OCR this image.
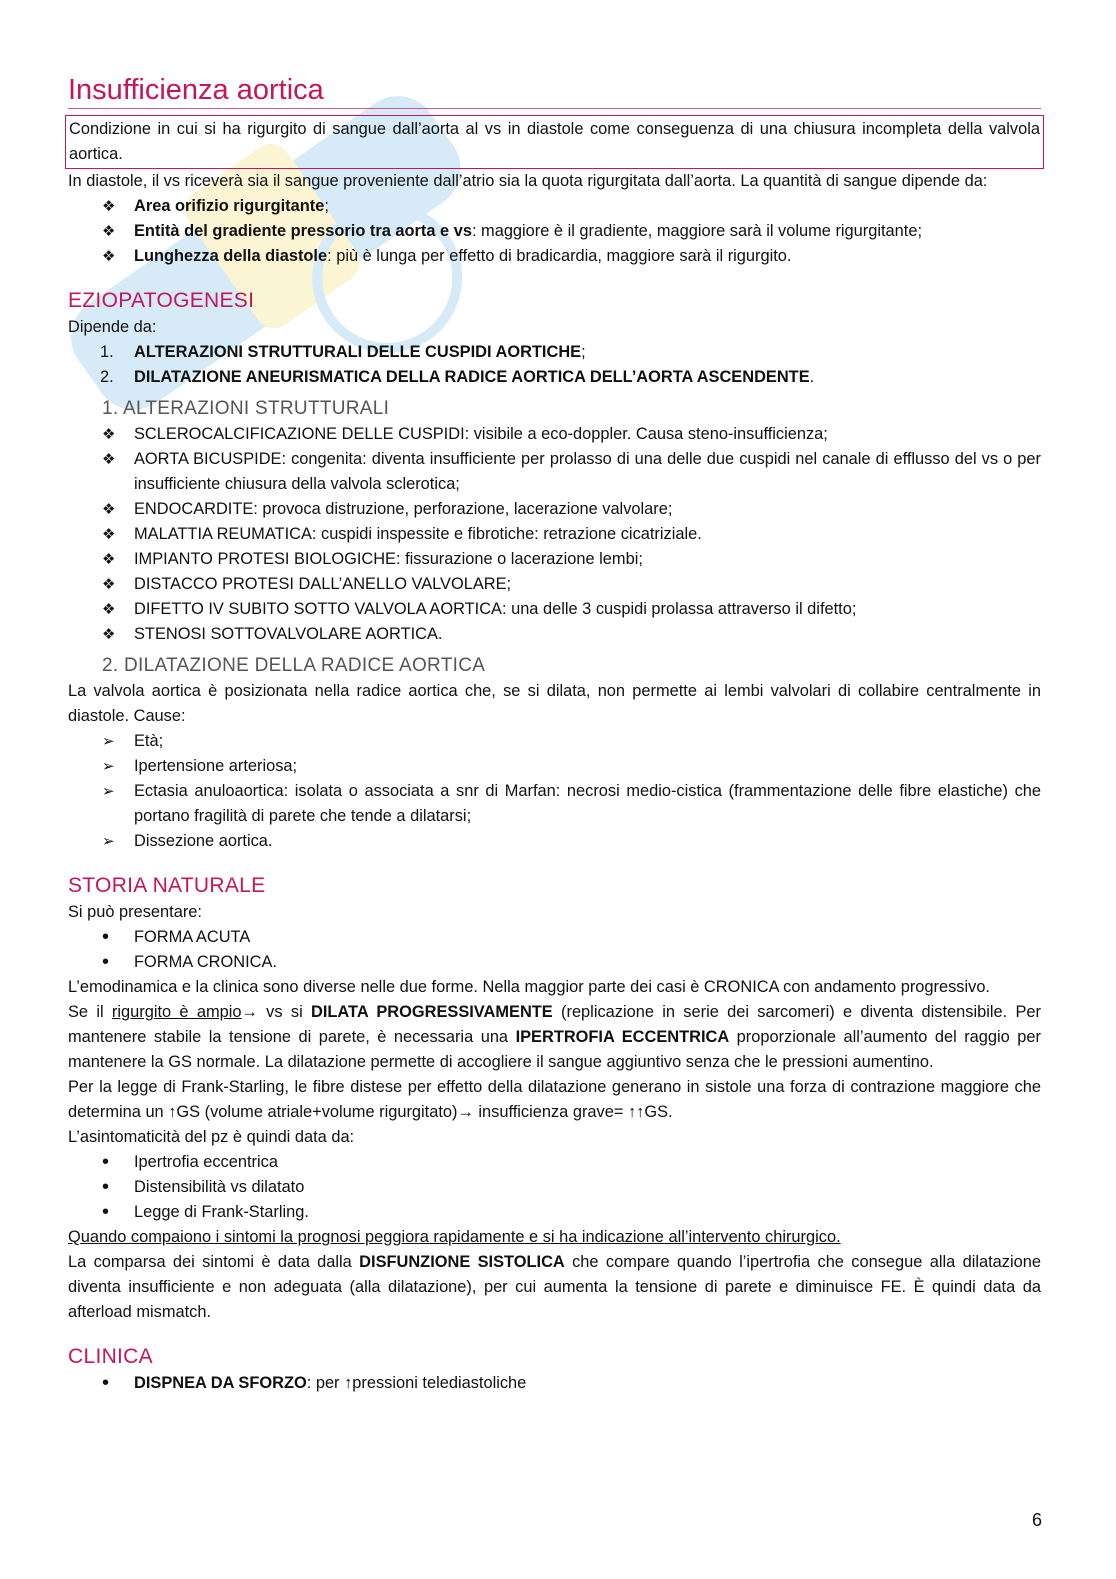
Insufficienza aortica

Condizione in cui si ha rigurgito di sangue dall’aorta al vs in diastole come conseguenza di una chiusura incompleta della valvola aortica.

In diastole, il vs riceverà sia il sangue proveniente dall’atrio sia la quota rigurgitata dall’aorta. La quantità di sangue dipende da:

❖
Area orifizio rigurgitante;
❖
Entità del gradiente pressorio tra aorta e vs: maggiore è il gradiente, maggiore sarà il volume rigurgitante;
❖
Lunghezza della diastole: più è lunga per effetto di bradicardia, maggiore sarà il rigurgito.
EZIOPATOGENESI

Dipende da:

1.	ALTERAZIONI STRUTTURALI DELLE CUSPIDI AORTICHE;
2.	DILATAZIONE ANEURISMATICA DELLA RADICE AORTICA DELL’AORTA ASCENDENTE.
1. ALTERAZIONI STRUTTURALI
❖
SCLEROCALCIFICAZIONE DELLE CUSPIDI: visibile a eco-doppler. Causa steno-insufficienza;
❖
AORTA BICUSPIDE: congenita: diventa insufficiente per prolasso di una delle due cuspidi nel canale di efflusso del vs o per insufficiente chiusura della valvola sclerotica;
❖
ENDOCARDITE: provoca distruzione, perforazione, lacerazione valvolare;
❖
MALATTIA REUMATICA: cuspidi inspessite e fibrotiche: retrazione cicatriziale.
❖
IMPIANTO PROTESI BIOLOGICHE: fissurazione o lacerazione lembi;
❖
DISTACCO PROTESI DALL’ANELLO VALVOLARE;
❖
DIFETTO IV SUBITO SOTTO VALVOLA AORTICA: una delle 3 cuspidi prolassa attraverso il difetto;
❖
STENOSI SOTTOVALVOLARE AORTICA.
2. DILATAZIONE DELLA RADICE AORTICA

La valvola aortica è posizionata nella radice aortica che, se si dilata, non permette ai lembi valvolari di collabire centralmente in diastole. Cause:

➢
Età;
➢
Ipertensione arteriosa;
➢
Ectasia anuloaortica: isolata o associata a snr di Marfan: necrosi medio-cistica (frammentazione delle fibre elastiche) che portano fragilità di parete che tende a dilatarsi;
➢
Dissezione aortica.
STORIA NATURALE

Si può presentare:

•
FORMA ACUTA
•
FORMA CRONICA.

L’emodinamica e la clinica sono diverse nelle due forme. Nella maggior parte dei casi è CRONICA con andamento progressivo.

Se il rigurgito è ampio→ vs si DILATA PROGRESSIVAMENTE (replicazione in serie dei sarcomeri) e diventa distensibile. Per mantenere stabile la tensione di parete, è necessaria una IPERTROFIA ECCENTRICA proporzionale all’aumento del raggio per mantenere la GS normale. La dilatazione permette di accogliere il sangue aggiuntivo senza che le pressioni aumentino.

Per la legge di Frank-Starling, le fibre distese per effetto della dilatazione generano in sistole una forza di contrazione maggiore che determina un ↑GS (volume atriale+volume rigurgitato)→ insufficienza grave= ↑↑GS.

L’asintomaticità del pz è quindi data da:

•
Ipertrofia eccentrica
•
Distensibilità vs dilatato
•
Legge di Frank-Starling.

Quando compaiono i sintomi la prognosi peggiora rapidamente e si ha indicazione all’intervento chirurgico.

La comparsa dei sintomi è data dalla DISFUNZIONE SISTOLICA che compare quando l’ipertrofia che consegue alla dilatazione diventa insufficiente e non adeguata (alla dilatazione), per cui aumenta la tensione di parete e diminuisce FE. È quindi data da afterload mismatch.

CLINICA
•
DISPNEA DA SFORZO: per ↑pressioni telediastoliche
6
